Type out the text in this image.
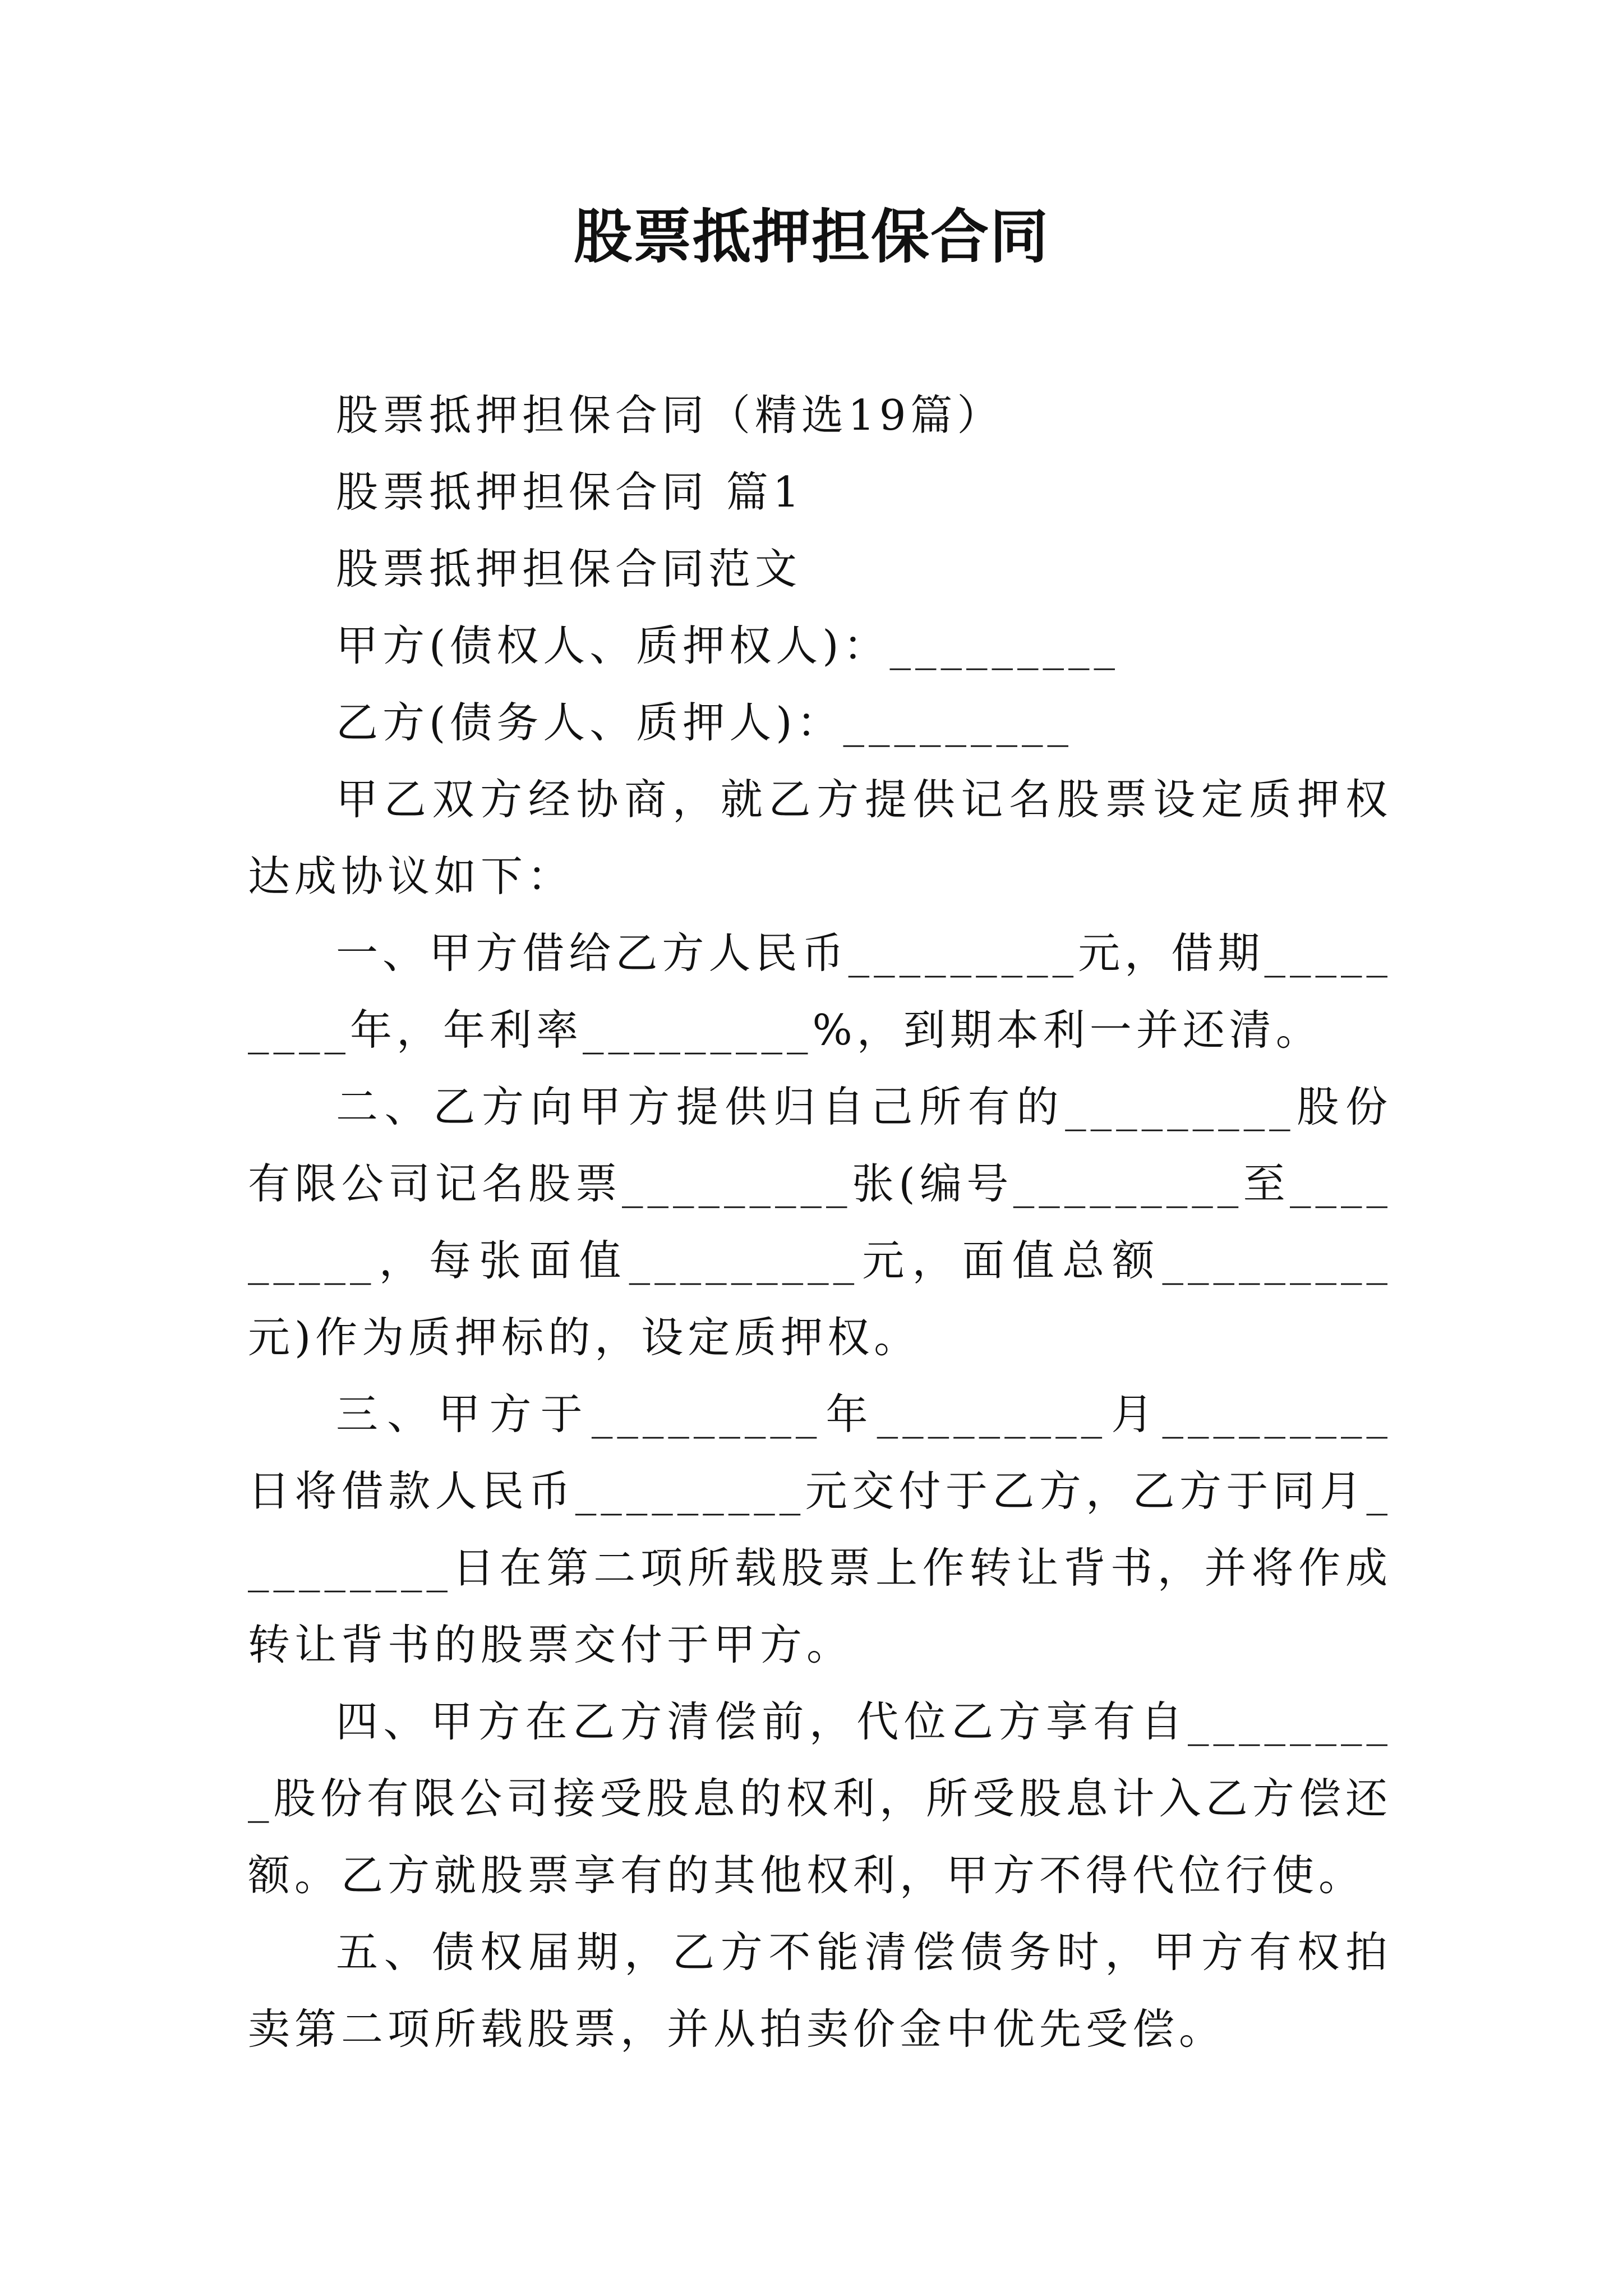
股票抵押担保合同

股票抵押担保合同（精选19篇）

股票抵押担保合同 篇1

股票抵押担保合同范文

甲方(债权人、质押权人)：_________

乙方(债务人、质押人)：_________

甲乙双方经协商，就乙方提供记名股票设定质押权达成协议如下：

一、甲方借给乙方人民币_________元，借期_________年，年利率_________%，到期本利一并还清。

二、乙方向甲方提供归自己所有的_________股份有限公司记名股票_________张(编号_________至_________，每张面值_________元，面值总额_________元)作为质押标的，设定质押权。

三、甲方于_________年_________月_________日将借款人民币_________元交付于乙方，乙方于同月_________日在第二项所载股票上作转让背书，并将作成转让背书的股票交付于甲方。

四、甲方在乙方清偿前，代位乙方享有自_________股份有限公司接受股息的权利，所受股息计入乙方偿还额。乙方就股票享有的其他权利，甲方不得代位行使。

五、债权届期，乙方不能清偿债务时，甲方有权拍卖第二项所载股票，并从拍卖价金中优先受偿。
